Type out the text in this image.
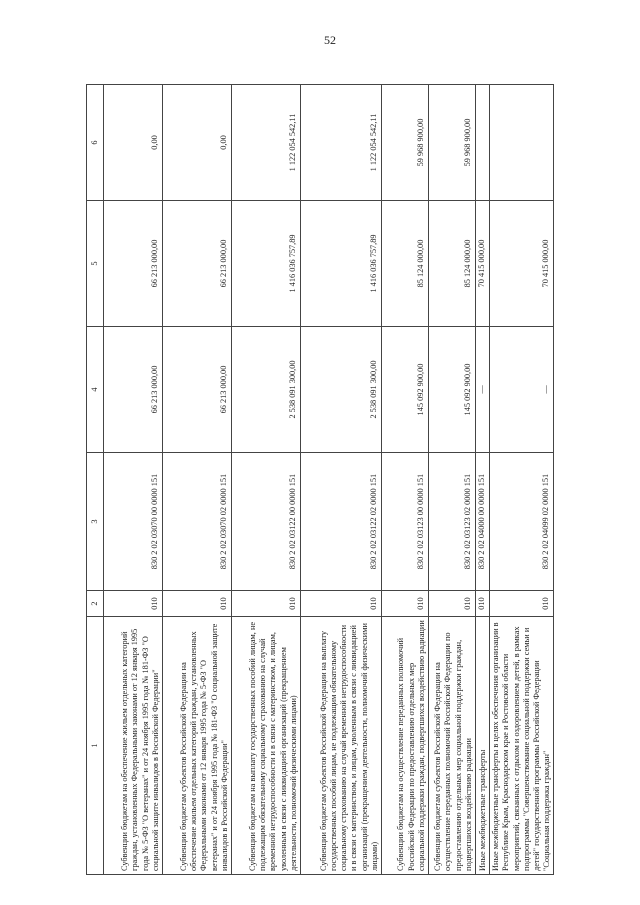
52
1	2	3	4	5	6
Субвенции бюджетам на обеспечение жильем отдельных категорий граждан, установленных Федеральными законами от 12 января 1995 года № 5-ФЗ "О ветеранах" и от 24 ноября 1995 года № 181-ФЗ "О социальной защите инвалидов в Российской Федерации"	010	830 2 02 03070 00 0000 151	66 213 000,00	66 213 000,00	0,00
Субвенции бюджетам субъектов Российской Федерации на обеспечение жильем отдельных категорий граждан, установленных Федеральными законами от 12 января 1995 года № 5-ФЗ "О ветеранах" и от 24 ноября 1995 года № 181-ФЗ "О социальной защите инвалидов в Российской Федерации"	010	830 2 02 03070 02 0000 151	66 213 000,00	66 213 000,00	0,00
Субвенции бюджетам на выплату государственных пособий лицам, не подлежащим обязательному социальному страхованию на случай временной нетрудоспособности и в связи с материнством, и лицам, уволенным в связи с ликвидацией организаций (прекращением деятельности, полномочий физическими лицами)	010	830 2 02 03122 00 0000 151	2 538 091 300,00	1 416 036 757,89	1 122 054 542,11
Субвенции бюджетам субъектов Российской Федерации на выплату государственных пособий лицам, не подлежащим обязательному социальному страхованию на случай временной нетрудоспособности и в связи с материнством, и лицам, уволенным в связи с ликвидацией организаций (прекращением деятельности, полномочий физическими лицами)	010	830 2 02 03122 02 0000 151	2 538 091 300,00	1 416 036 757,89	1 122 054 542,11
Субвенции бюджетам на осуществление переданных полномочий Российской Федерации по предоставлению отдельных мер социальной поддержки граждан, подвергшихся воздействию радиации	010	830 2 02 03123 00 0000 151	145 092 900,00	85 124 000,00	59 968 900,00
Субвенции бюджетам субъектов Российской Федерации на осуществление переданных полномочий Российской Федерации по предоставлению отдельных мер социальной поддержки граждан, подвергшихся воздействию радиации	010	830 2 02 03123 02 0000 151	145 092 900,00	85 124 000,00	59 968 900,00
Иные межбюджетные трансферты	010	830 2 02 04000 00 0000 151	—	70 415 000,00	
Иные межбюджетные трансферты в целях обеспечения организации в Республике Крым, Краснодарском крае и Ростовской области мероприятий, связанных с отдыхом и оздоровлением детей, в рамках подпрограммы "Совершенствование социальной поддержки семьи и детей" государственной программы Российской Федерации "Социальная поддержка граждан"	010	830 2 02 04099 02 0000 151	—	70 415 000,00	
